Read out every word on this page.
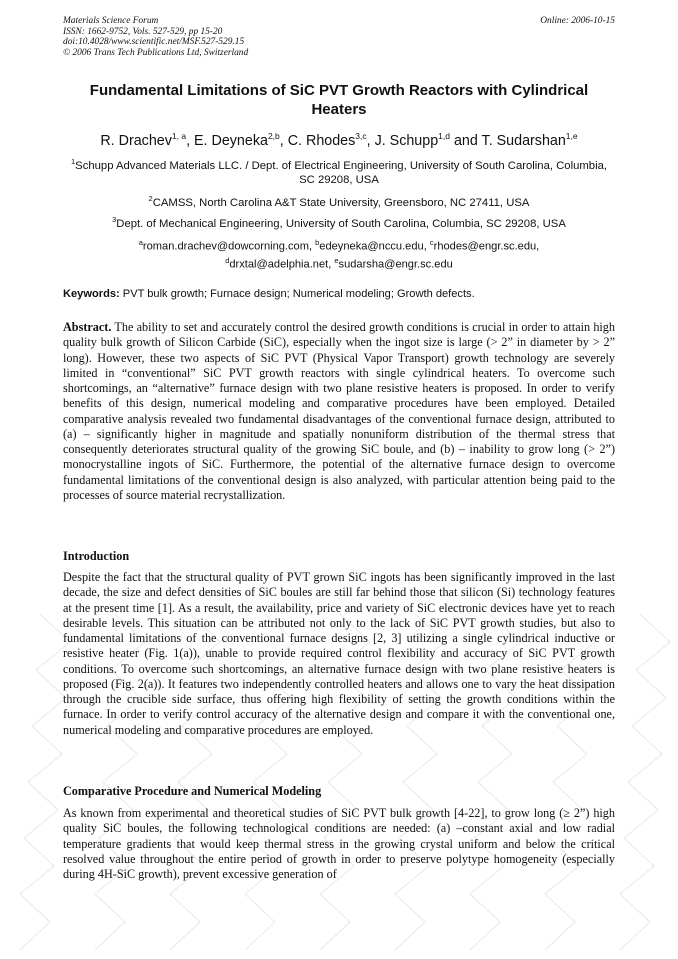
Materials Science Forum
ISSN: 1662-9752, Vols. 527-529, pp 15-20
doi:10.4028/www.scientific.net/MSF.527-529.15
© 2006 Trans Tech Publications Ltd, Switzerland
Online: 2006-10-15
Fundamental Limitations of SiC PVT Growth Reactors with Cylindrical Heaters
R. Drachev$^{1, a}$, E. Deyneka$^{2,b}$, C. Rhodes$^{3,c}$, J. Schupp$^{1,d}$ and T. Sudarshan$^{1,e}$
$^1$Schupp Advanced Materials LLC. / Dept. of Electrical Engineering, University of South Carolina, Columbia, SC 29208, USA
$^2$CAMSS, North Carolina A&T State University, Greensboro, NC 27411, USA
$^3$Dept. of Mechanical Engineering, University of South Carolina, Columbia, SC 29208, USA
$^a$roman.drachev@dowcorning.com, $^b$edeyneka@nccu.edu, $^c$rhodes@engr.sc.edu,
$^d$drxtal@adelphia.net, $^e$sudarsha@engr.sc.edu
Keywords: PVT bulk growth; Furnace design; Numerical modeling; Growth defects.
Abstract. The ability to set and accurately control the desired growth conditions is crucial in order to attain high quality bulk growth of Silicon Carbide (SiC), especially when the ingot size is large (> 2” in diameter by > 2” long). However, these two aspects of SiC PVT (Physical Vapor Transport) growth technology are severely limited in “conventional” SiC PVT growth reactors with single cylindrical heaters. To overcome such shortcomings, an “alternative” furnace design with two plane resistive heaters is proposed. In order to verify benefits of this design, numerical modeling and comparative procedures have been employed. Detailed comparative analysis revealed two fundamental disadvantages of the conventional furnace design, attributed to (a) – significantly higher in magnitude and spatially nonuniform distribution of the thermal stress that consequently deteriorates structural quality of the growing SiC boule, and (b) – inability to grow long (> 2”) monocrystalline ingots of SiC. Furthermore, the potential of the alternative furnace design to overcome fundamental limitations of the conventional design is also analyzed, with particular attention being paid to the processes of source material recrystallization.
Introduction
Despite the fact that the structural quality of PVT grown SiC ingots has been significantly improved in the last decade, the size and defect densities of SiC boules are still far behind those that silicon (Si) technology features at the present time [1]. As a result, the availability, price and variety of SiC electronic devices have yet to reach desirable levels. This situation can be attributed not only to the lack of SiC PVT growth studies, but also to fundamental limitations of the conventional furnace designs [2, 3] utilizing a single cylindrical inductive or resistive heater (Fig. 1(a)), unable to provide required control flexibility and accuracy of SiC PVT growth conditions. To overcome such shortcomings, an alternative furnace design with two plane resistive heaters is proposed (Fig. 2(a)). It features two independently controlled heaters and allows one to vary the heat dissipation through the crucible side surface, thus offering high flexibility of setting the growth conditions within the furnace. In order to verify control accuracy of the alternative design and compare it with the conventional one, numerical modeling and comparative procedures are employed.
Comparative Procedure and Numerical Modeling
As known from experimental and theoretical studies of SiC PVT bulk growth [4-22], to grow long (≥ 2”) high quality SiC boules, the following technological conditions are needed: (a) –constant axial and low radial temperature gradients that would keep thermal stress in the growing crystal uniform and below the critical resolved value throughout the entire period of growth in order to preserve polytype homogeneity (especially during 4H-SiC growth), prevent excessive generation of
